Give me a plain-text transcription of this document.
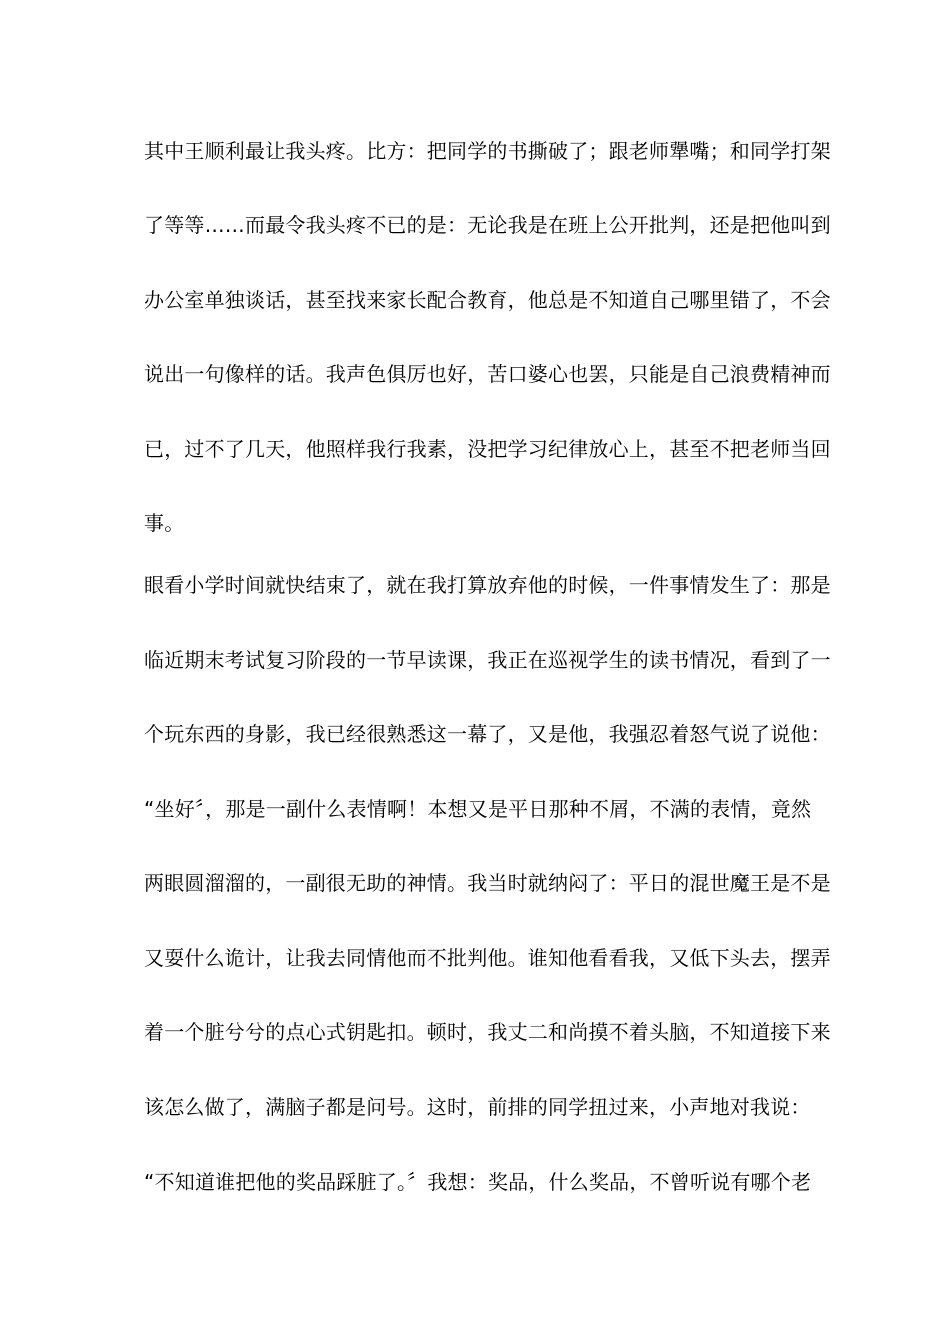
其中王顺利最让我头疼。比方：把同学的书撕破了；跟老师犟嘴；和同学打架
了等等……而最令我头疼不已的是：无论我是在班上公开批判，还是把他叫到
办公室单独谈话，甚至找来家长配合教育，他总是不知道自己哪里错了，不会
说出一句像样的话。我声色俱厉也好，苦口婆心也罢，只能是自己浪费精神而
已，过不了几天，他照样我行我素，没把学习纪律放心上，甚至不把老师当回
事。
眼看小学时间就快结束了，就在我打算放弃他的时候，一件事情发生了：那是
临近期末考试复习阶段的一节早读课，我正在巡视学生的读书情况，看到了一
个玩东西的身影，我已经很熟悉这一幕了，又是他，我强忍着怒气说了说他：
“坐好〞，那是一副什么表情啊！本想又是平日那种不屑，不满的表情，竟然
两眼圆溜溜的，一副很无助的神情。我当时就纳闷了：平日的混世魔王是不是
又耍什么诡计，让我去同情他而不批判他。谁知他看看我，又低下头去，摆弄
着一个脏兮兮的点心式钥匙扣。顿时，我丈二和尚摸不着头脑，不知道接下来
该怎么做了，满脑子都是问号。这时，前排的同学扭过来，小声地对我说：
“不知道谁把他的奖品踩脏了。〞我想：奖品，什么奖品，不曾听说有哪个老
